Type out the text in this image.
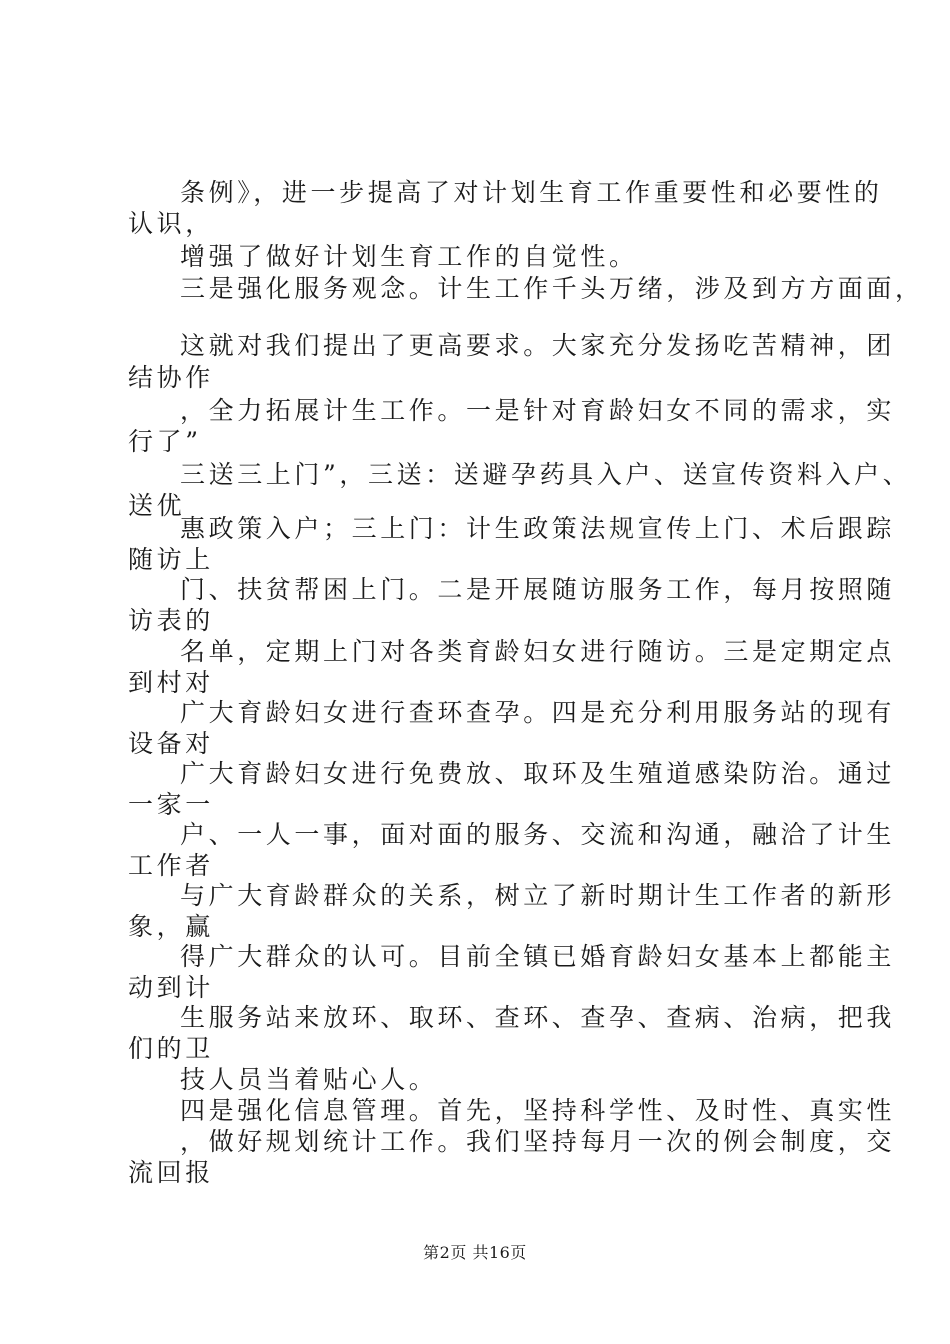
条例》，进一步提高了对计划生育工作重要性和必要性的
认识，
增强了做好计划生育工作的自觉性。
三是强化服务观念。计生工作千头万绪，涉及到方方面面，
这就对我们提出了更高要求。大家充分发扬吃苦精神，团
结协作
，全力拓展计生工作。一是针对育龄妇女不同的需求，实
行了”
三送三上门”，三送：送避孕药具入户、送宣传资料入户、
送优
惠政策入户；三上门：计生政策法规宣传上门、术后跟踪
随访上
门、扶贫帮困上门。二是开展随访服务工作，每月按照随
访表的
名单，定期上门对各类育龄妇女进行随访。三是定期定点
到村对
广大育龄妇女进行查环查孕。四是充分利用服务站的现有
设备对
广大育龄妇女进行免费放、取环及生殖道感染防治。通过
一家一
户、一人一事，面对面的服务、交流和沟通，融洽了计生
工作者
与广大育龄群众的关系，树立了新时期计生工作者的新形
象，赢
得广大群众的认可。目前全镇已婚育龄妇女基本上都能主
动到计
生服务站来放环、取环、查环、查孕、查病、治病，把我
们的卫
技人员当着贴心人。
四是强化信息管理。首先，坚持科学性、及时性、真实性
，做好规划统计工作。我们坚持每月一次的例会制度，交
流回报
第2页 共16页
